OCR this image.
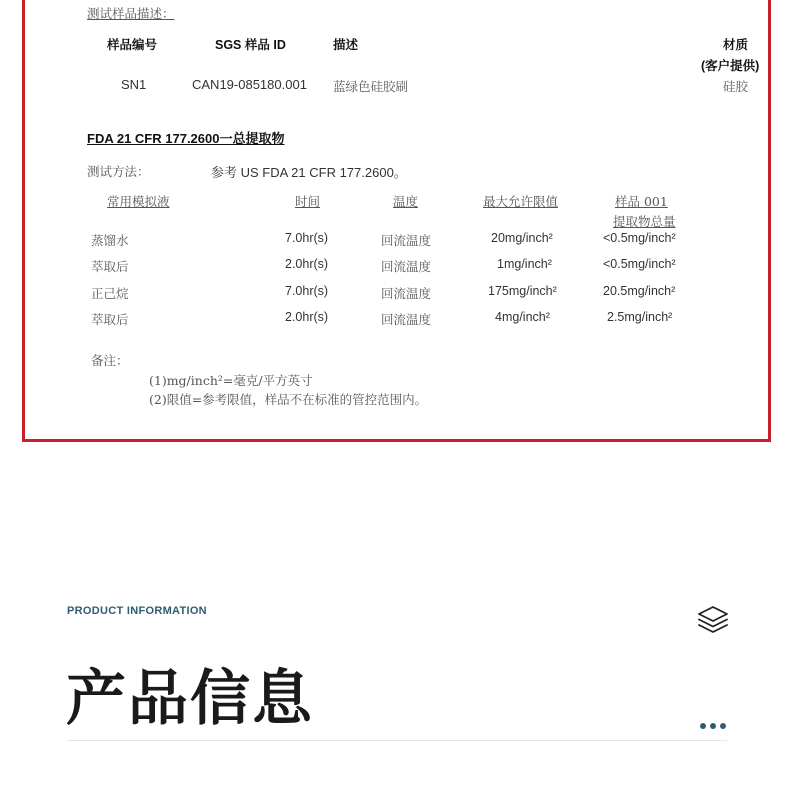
测试样品描述：
样品编号	SGS 样品 ID	描述	材质
(客户提供)
SN1	CAN19-085180.001 蓝绿色硅胶刷	硅胶
FDA 21 CFR 177.2600一总提取物
测试方法：	参考 US FDA 21 CFR 177.2600。
常用模拟液	时间	温度	最大允许限值	样品 001
提取物总量
蒸馏水	7.0hr(s)	回流温度	20mg/inch²	<0.5mg/inch²
萃取后	2.0hr(s)	回流温度	1mg/inch²	<0.5mg/inch²
正己烷	7.0hr(s)	回流温度	175mg/inch²	20.5mg/inch²
萃取后	2.0hr(s)	回流温度	4mg/inch²	2.5mg/inch²
备注：
(1)mg/inch²=毫克/平方英寸
(2)限值=参考限值，样品不在标准的管控范围内。
PRODUCT INFORMATION
产品信息
